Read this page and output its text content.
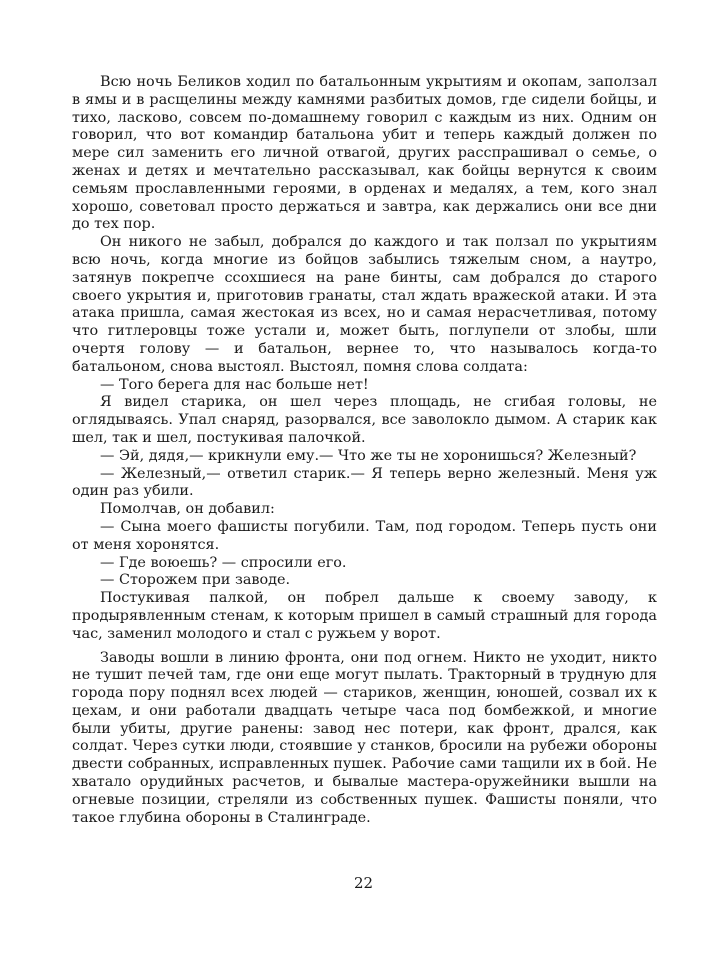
Всю ночь Беликов ходил по батальонным укрытиям и окопам, заползал в ямы и в расщелины между камнями разбитых домов, где сидели бойцы, и тихо, ласково, совсем по-домашнему говорил с каждым из них. Одним он говорил, что вот командир батальона убит и теперь каждый должен по мере сил заменить его личной отвагой, других расспрашивал о семье, о женах и детях и мечтательно рассказывал, как бойцы вернутся к своим семьям прославленными героями, в орденах и медалях, а тем, кого знал хорошо, советовал просто держаться и завтра, как держались они все дни до тех пор.

Он никого не забыл, добрался до каждого и так ползал по укрытиям всю ночь, когда многие из бойцов забылись тяжелым сном, а наутро, затянув покрепче ссохшиеся на ране бинты, сам добрался до старого своего укрытия и, приготовив гранаты, стал ждать вражеской атаки. И эта атака пришла, самая жестокая из всех, но и самая нерасчетливая, потому что гитлеровцы тоже устали и, может быть, поглупели от злобы, шли очертя голову — и батальон, вернее то, что называлось когда-то батальоном, снова выстоял. Выстоял, помня слова солдата:

— Того берега для нас больше нет!

Я видел старика, он шел через площадь, не сгибая головы, не оглядываясь. Упал снаряд, разорвался, все заволокло дымом. А старик как шел, так и шел, постукивая палочкой.

— Эй, дядя,— крикнули ему.— Что же ты не хоронишься? Железный?

— Железный,— ответил старик.— Я теперь верно железный. Меня уж один раз убили.

Помолчав, он добавил:

— Сына моего фашисты погубили. Там, под городом. Теперь пусть они от меня хоронятся.

— Где воюешь? — спросили его.

— Сторожем при заводе.

Постукивая палкой, он побрел дальше к своему заводу, к продырявленным стенам, к которым пришел в самый страшный для города час, заменил молодого и стал с ружьем у ворот.

Заводы вошли в линию фронта, они под огнем. Никто не уходит, никто не тушит печей там, где они еще могут пылать. Тракторный в трудную для города пору поднял всех людей — стариков, женщин, юношей, созвал их к цехам, и они работали двадцать четыре часа под бомбежкой, и многие были убиты, другие ранены: завод нес потери, как фронт, дрался, как солдат. Через сутки люди, стоявшие у станков, бросили на рубежи обороны двести собранных, исправленных пушек. Рабочие сами тащили их в бой. Не хватало орудийных расчетов, и бывалые мастера-оружейники вышли на огневые позиции, стреляли из собственных пушек. Фашисты поняли, что такое глубина обороны в Сталинграде.

22
